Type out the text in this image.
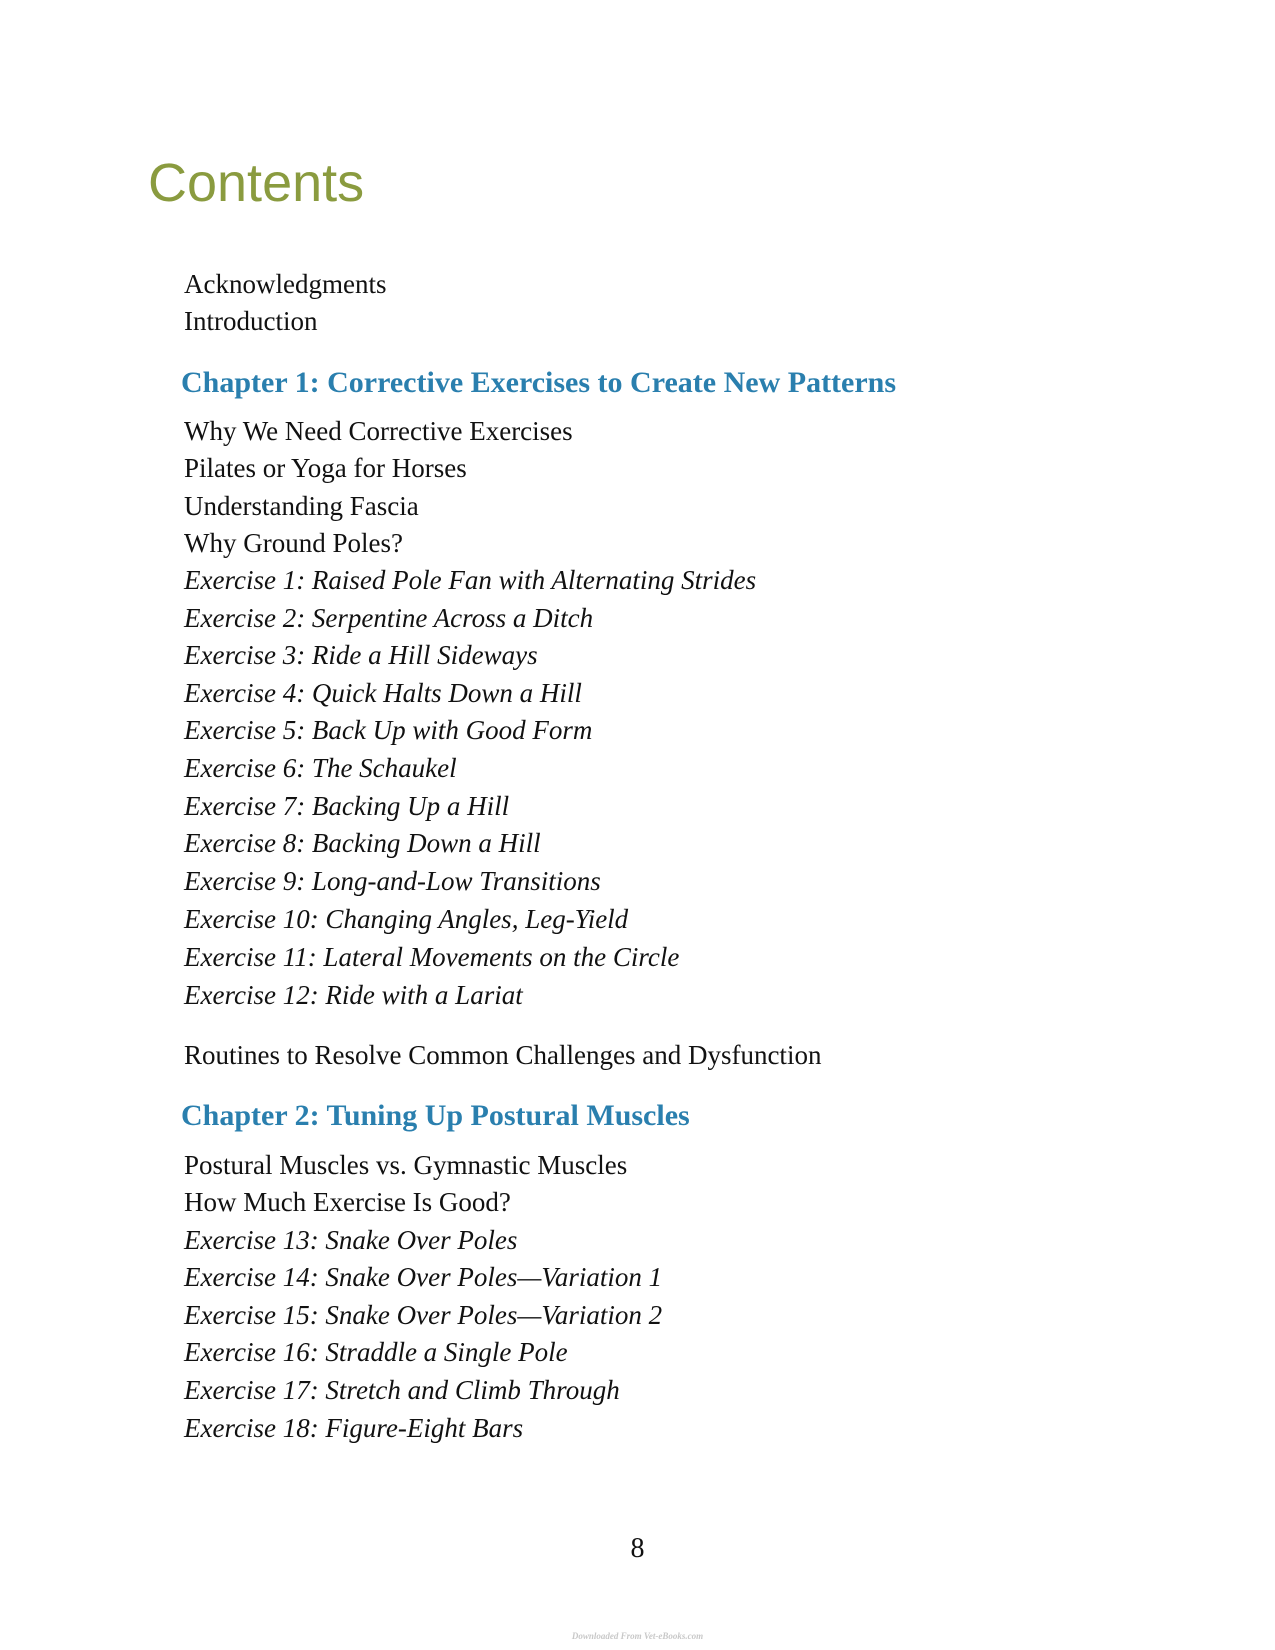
Contents
Acknowledgments
Introduction
Chapter 1: Corrective Exercises to Create New Patterns
Why We Need Corrective Exercises
Pilates or Yoga for Horses
Understanding Fascia
Why Ground Poles?
Exercise 1: Raised Pole Fan with Alternating Strides
Exercise 2: Serpentine Across a Ditch
Exercise 3: Ride a Hill Sideways
Exercise 4: Quick Halts Down a Hill
Exercise 5: Back Up with Good Form
Exercise 6: The Schaukel
Exercise 7: Backing Up a Hill
Exercise 8: Backing Down a Hill
Exercise 9: Long-and-Low Transitions
Exercise 10: Changing Angles, Leg-Yield
Exercise 11: Lateral Movements on the Circle
Exercise 12: Ride with a Lariat
Routines to Resolve Common Challenges and Dysfunction
Chapter 2: Tuning Up Postural Muscles
Postural Muscles vs. Gymnastic Muscles
How Much Exercise Is Good?
Exercise 13: Snake Over Poles
Exercise 14: Snake Over Poles—Variation 1
Exercise 15: Snake Over Poles—Variation 2
Exercise 16: Straddle a Single Pole
Exercise 17: Stretch and Climb Through
Exercise 18: Figure-Eight Bars
8
Downloaded From Vet-eBooks.com
